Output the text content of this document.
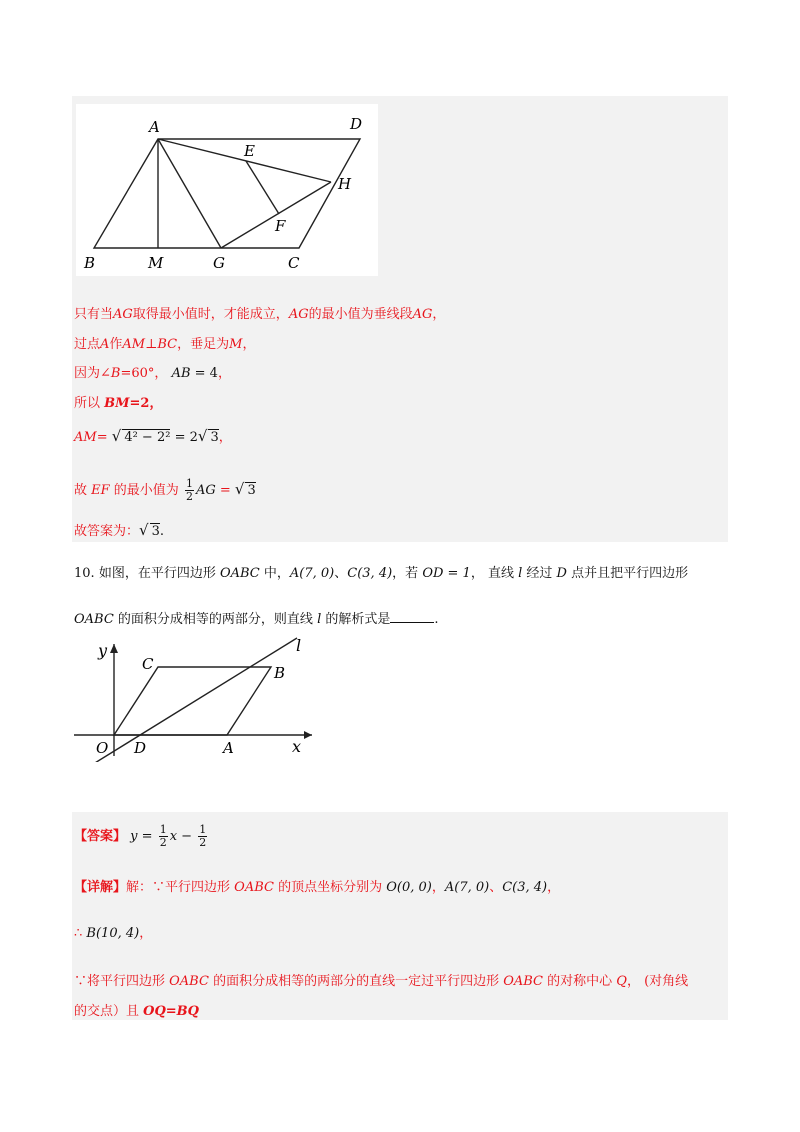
A	D
E
H
F
B	M	G	C
只有当AG取得最小值时，才能成立，AG的最小值为垂线段AG，
过点A作AM⊥BC，垂足为M，
因为∠B=60°， AB = 4，
所以 BM=2，
AM= √ 4² − 2² = 2√ 3，
故 EF 的最小值为 $\frac{1}{2}$ AG = √ 3
故答案为：√ 3.
10. 如图，在平行四边形 OABC 中，A(7, 0)、C(3, 4)，若 OD = 1， 直线 l 经过 D 点并且把平行四边形
OABC 的面积分成相等的两部分，则直线 l 的解析式是	.
y
x
l
C	B
O D	A
【答案】 $y = \frac{1}{2}$ $x - \frac{1}{2}$
【详解】解：∵平行四边形 OABC 的顶点坐标分别为 O(0, 0)，A(7, 0)、C(3, 4)，
∴ B(10, 4)，
∵将平行四边形 OABC 的面积分成相等的两部分的直线一定过平行四边形 OABC 的对称中心 Q， (对角线
的交点）且 OQ=BQ
